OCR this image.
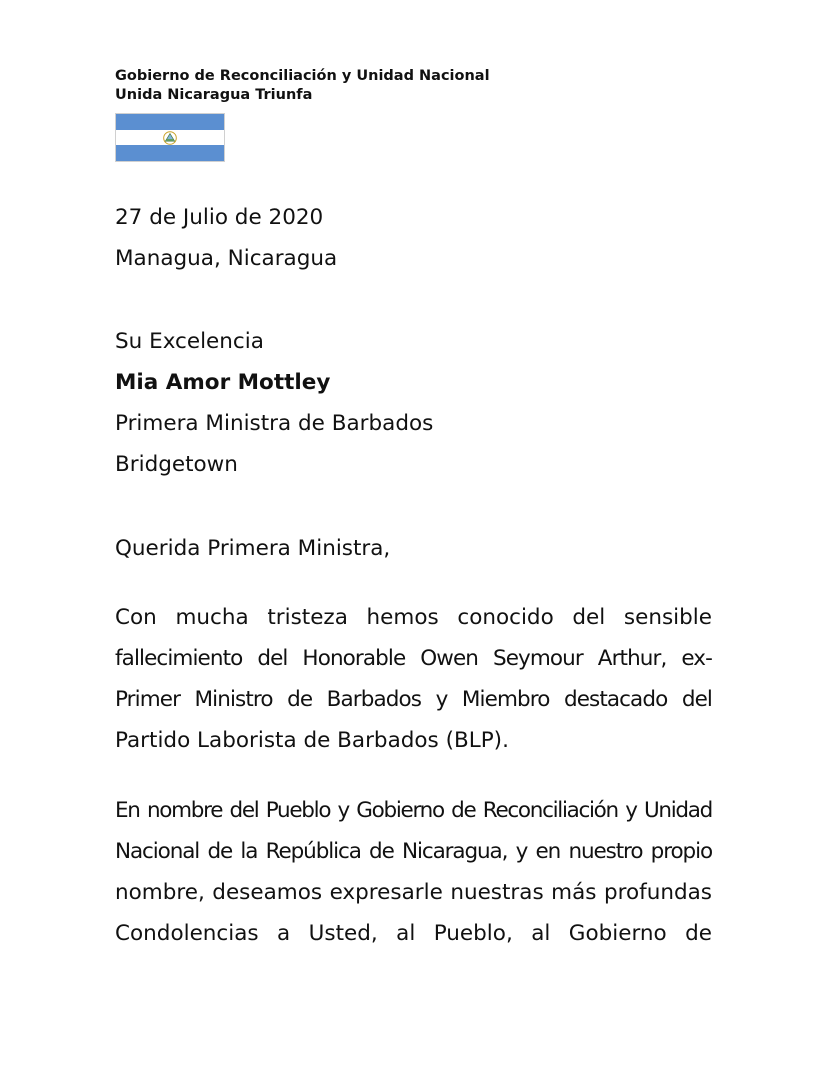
Gobierno de Reconciliación y Unidad Nacional
Unida Nicaragua Triunfa
27 de Julio de 2020
Managua, Nicaragua
Su Excelencia
Mia Amor Mottley
Primera Ministra de Barbados
Bridgetown
Querida Primera Ministra,
Con mucha tristeza hemos conocido del sensible
fallecimiento del Honorable Owen Seymour Arthur, ex-
Primer Ministro de Barbados y Miembro destacado del
Partido Laborista de Barbados (BLP).
En nombre del Pueblo y Gobierno de Reconciliación y Unidad
Nacional de la República de Nicaragua, y en nuestro propio
nombre, deseamos expresarle nuestras más profundas
Condolencias a Usted, al Pueblo, al Gobierno de
